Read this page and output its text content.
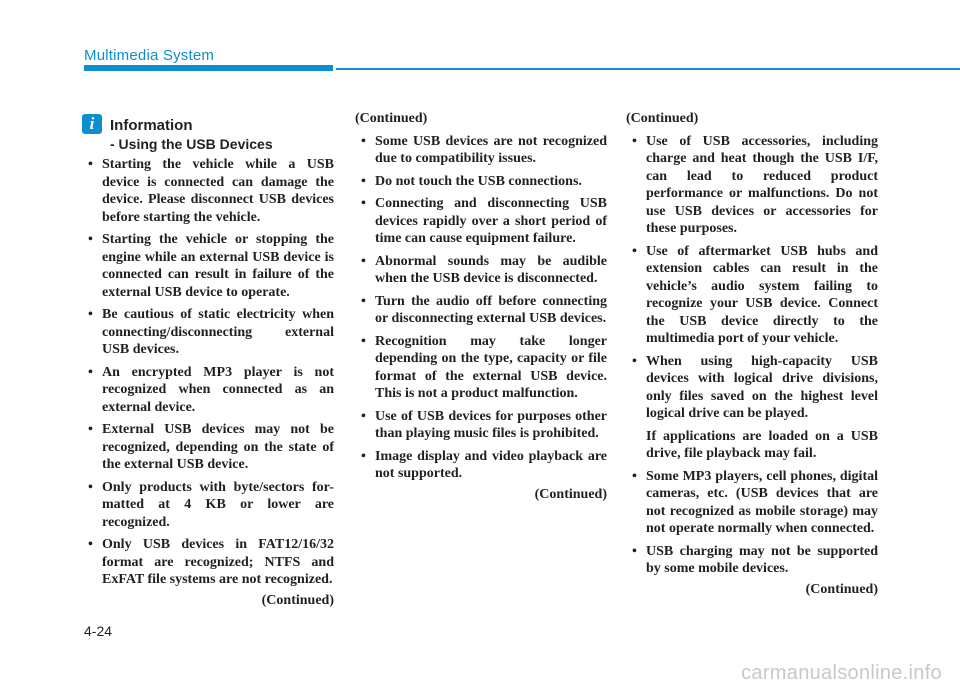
Multimedia System
i	Information
- Using the USB Devices
• Starting the vehicle while a USB device is connected can damage the device. Please disconnect USB devices before starting the vehicle.
• Starting the vehicle or stopping the engine while an external USB device is connected can result in failure of the external USB device to operate.
• Be cautious of static electricity when connecting/disconnecting external USB devices.
• An encrypted MP3 player is not recognized when connected as an external device.
• External USB devices may not be recognized, depending on the state of the external USB device.
• Only products with byte/sectors for-matted at 4 KB or lower are recognized.
• Only USB devices in FAT12/16/32 format are recognized; NTFS and ExFAT file systems are not recognized.
(Continued)
(Continued)
• Some USB devices are not recognized due to compatibility issues.
• Do not touch the USB connections.
• Connecting and disconnecting USB devices rapidly over a short period of time can cause equipment failure.
• Abnormal sounds may be audible when the USB device is disconnected.
• Turn the audio off before connecting or disconnecting external USB devices.
• Recognition may take longer depending on the type, capacity or file format of the external USB device. This is not a product malfunction.
• Use of USB devices for purposes other than playing music files is prohibited.
• Image display and video playback are not supported.
(Continued)
(Continued)
• Use of USB accessories, including charge and heat though the USB I/F, can lead to reduced product performance or malfunctions. Do not use USB devices or accessories for these purposes.
• Use of aftermarket USB hubs and extension cables can result in the vehicle’s audio system failing to recognize your USB device. Connect the USB device directly to the multimedia port of your vehicle.
• When using high-capacity USB devices with logical drive divisions, only files saved on the highest level logical drive can be played.
If applications are loaded on a USB drive, file playback may fail.
• Some MP3 players, cell phones, digital cameras, etc. (USB devices that are not recognized as mobile storage) may not operate normally when connected.
• USB charging may not be supported by some mobile devices.
(Continued)
4-24
carmanualsonline.info
